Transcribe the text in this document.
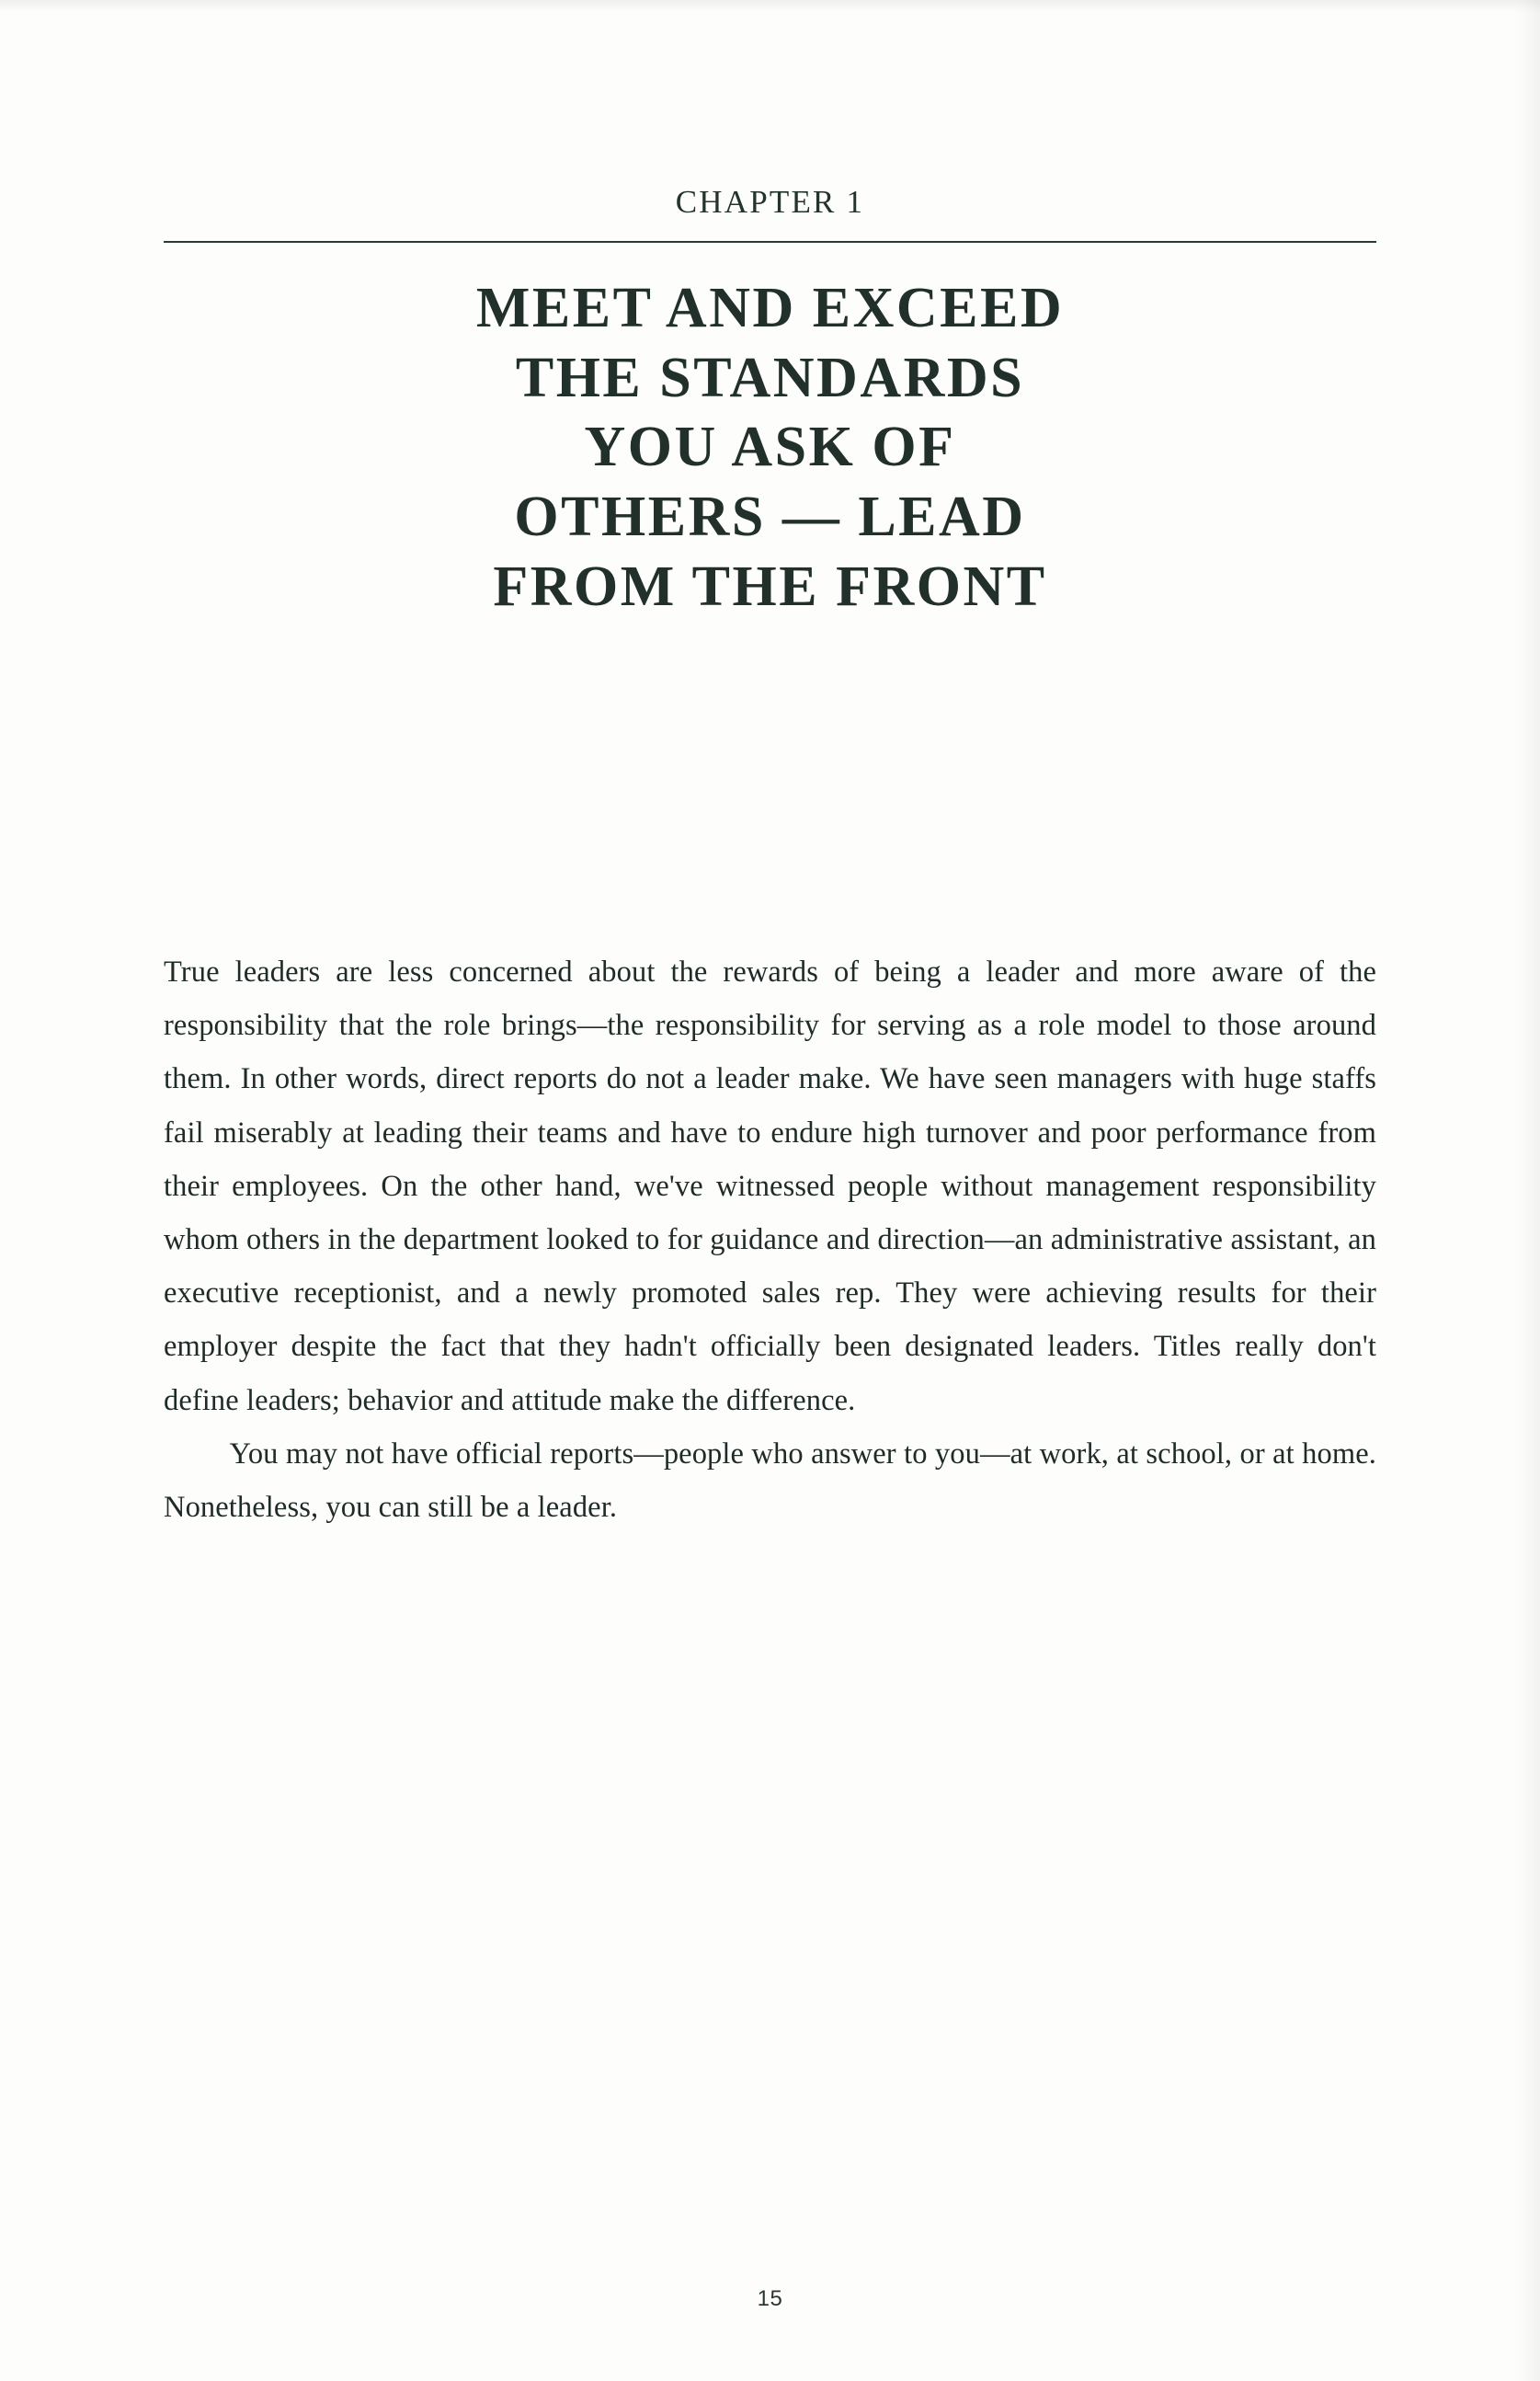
CHAPTER 1
MEET AND EXCEED
THE STANDARDS
YOU ASK OF
OTHERS — LEAD
FROM THE FRONT

True leaders are less concerned about the rewards of being a leader and more aware of the responsibility that the role brings—the responsibility for serving as a role model to those around them. In other words, direct reports do not a leader make. We have seen managers with huge staffs fail miserably at leading their teams and have to endure high turnover and poor performance from their employees. On the other hand, we've witnessed people without management responsibility whom others in the department looked to for guidance and direction—an administrative assistant, an executive receptionist, and a newly promoted sales rep. They were achieving results for their employer despite the fact that they hadn't officially been designated leaders. Titles really don't define leaders; behavior and attitude make the difference.

You may not have official reports—people who answer to you—at work, at school, or at home. Nonetheless, you can still be a leader.

15
